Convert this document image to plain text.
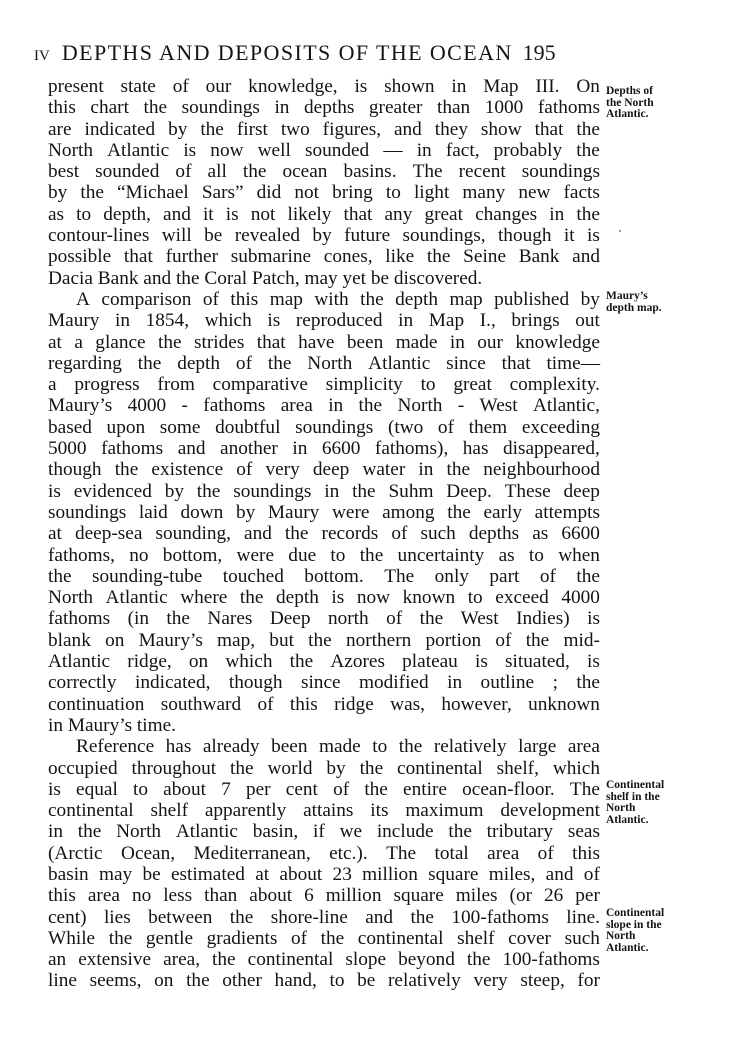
IV DEPTHS AND DEPOSITS OF THE OCEAN 195
present state of our knowledge, is shown in Map III. On
this chart the soundings in depths greater than 1000 fathoms
are indicated by the first two figures, and they show that the
North Atlantic is now well sounded — in fact, probably the
best sounded of all the ocean basins. The recent soundings
by the “Michael Sars” did not bring to light many new facts
as to depth, and it is not likely that any great changes in the
contour-lines will be revealed by future soundings, though it is
possible that further submarine cones, like the Seine Bank and
Dacia Bank and the Coral Patch, may yet be discovered.
A comparison of this map with the depth map published by
Maury in 1854, which is reproduced in Map I., brings out
at a glance the strides that have been made in our knowledge
regarding the depth of the North Atlantic since that time—
a progress from comparative simplicity to great complexity.
Maury’s 4000 - fathoms area in the North - West Atlantic,
based upon some doubtful soundings (two of them exceeding
5000 fathoms and another in 6600 fathoms), has disappeared,
though the existence of very deep water in the neighbourhood
is evidenced by the soundings in the Suhm Deep. These deep
soundings laid down by Maury were among the early attempts
at deep-sea sounding, and the records of such depths as 6600
fathoms, no bottom, were due to the uncertainty as to when
the sounding-tube touched bottom. The only part of the
North Atlantic where the depth is now known to exceed 4000
fathoms (in the Nares Deep north of the West Indies) is
blank on Maury’s map, but the northern portion of the mid-
Atlantic ridge, on which the Azores plateau is situated, is
correctly indicated, though since modified in outline ; the
continuation southward of this ridge was, however, unknown
in Maury’s time.
Reference has already been made to the relatively large area
occupied throughout the world by the continental shelf, which
is equal to about 7 per cent of the entire ocean-floor. The
continental shelf apparently attains its maximum development
in the North Atlantic basin, if we include the tributary seas
(Arctic Ocean, Mediterranean, etc.). The total area of this
basin may be estimated at about 23 million square miles, and of
this area no less than about 6 million square miles (or 26 per
cent) lies between the shore-line and the 100-fathoms line.
While the gentle gradients of the continental shelf cover such
an extensive area, the continental slope beyond the 100-fathoms
line seems, on the other hand, to be relatively very steep, for
Depths of
the North
Atlantic.
Maury’s
depth map.
Continental
shelf in the
North
Atlantic.
Continental
slope in the
North
Atlantic.
